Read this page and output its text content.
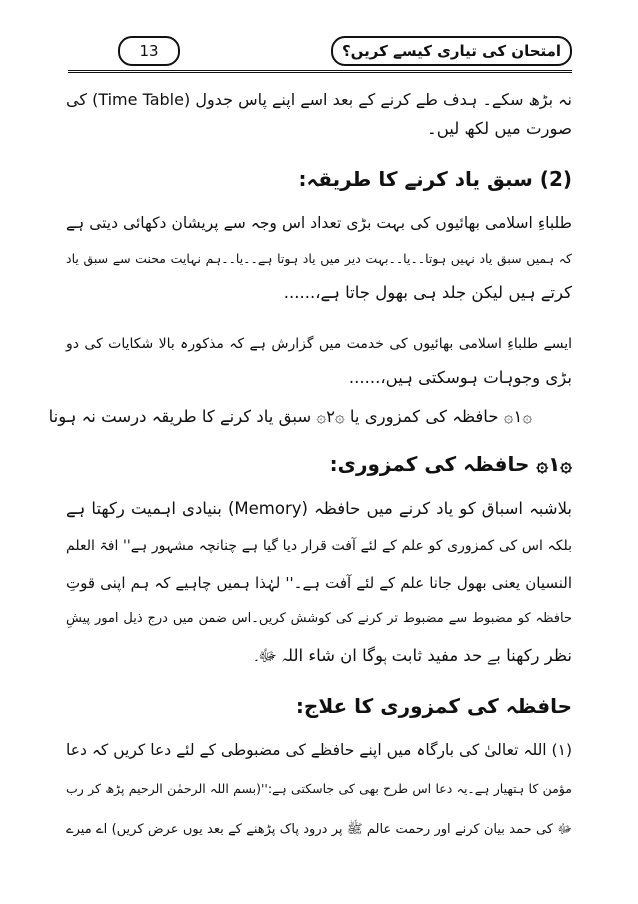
13	امتحان کی تیاری کیسے کریں؟
نہ بڑھ سکے۔ ہدف طے کرنے کے بعد اسے اپنے پاس جدول (Time Table) کی
صورت میں لکھ لیں۔
(2) سبق یاد کرنے کا طریقہ:
طلباءِ اسلامی بھائیوں کی بہت بڑی تعداد اس وجہ سے پریشان دکھائی دیتی ہے
کہ ہمیں سبق یاد نہیں ہوتا۔۔یا۔۔بہت دیر میں یاد ہوتا ہے۔۔یا۔۔ہم نہایت محنت سے سبق یاد
کرتے ہیں لیکن جلد ہی بھول جاتا ہے،......
ایسے طلباءِ اسلامی بھائیوں کی خدمت میں گزارش ہے کہ مذکورہ بالا شکایات کی دو
بڑی وجوہات ہوسکتی ہیں،......
۞۱۞ حافظہ کی کمزوری یا ۞۲۞ سبق یاد کرنے کا طریقہ درست نہ ہونا
۞۱۞ حافظہ کی کمزوری:
بلاشبہ اسباق کو یاد کرنے میں حافظہ (Memory) بنیادی اہمیت رکھتا ہے
بلکہ اس کی کمزوری کو علم کے لئے آفت قرار دیا گیا ہے چنانچہ مشہور ہے'' افۃ العلم
النسیان یعنی بھول جانا علم کے لئے آفت ہے۔'' لہٰذا ہمیں چاہیے کہ ہم اپنی قوتِ
حافظہ کو مضبوط سے مضبوط تر کرنے کی کوشش کریں۔اس ضمن میں درج ذیل امور پیشِ
نظر رکھنا بے حد مفید ثابت ہوگا ان شاء اللہ ﷻ۔
حافظہ کی کمزوری کا علاج:
(۱) اللہ تعالیٰ کی بارگاہ میں اپنے حافظے کی مضبوطی کے لئے دعا کریں کہ دعا
مؤمن کا ہتھیار ہے۔یہ دعا اس طرح بھی کی جاسکتی ہے:''(بسم اللہ الرحمٰن الرحیم پڑھ کر رب
ﷻ کی حمد بیان کرنے اور رحمت عالم ﷺ پر درود پاک پڑھنے کے بعد یوں عرض کریں) اے میرے
